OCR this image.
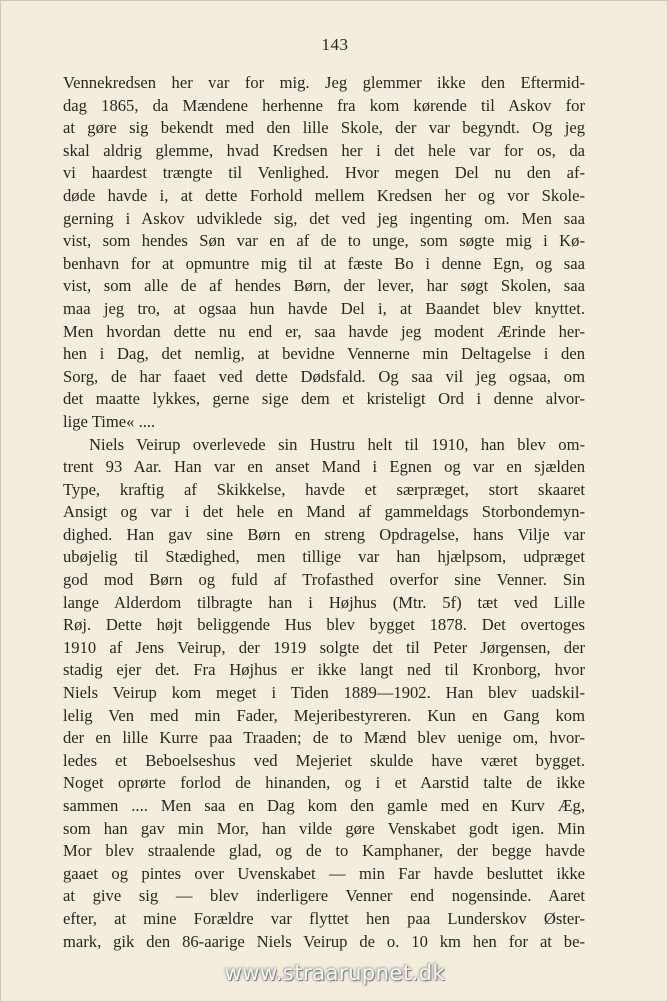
143
Vennekredsen her var for mig. Jeg glemmer ikke den Eftermid-
dag 1865, da Mændene herhenne fra kom kørende til Askov for
at gøre sig bekendt med den lille Skole, der var begyndt. Og jeg
skal aldrig glemme, hvad Kredsen her i det hele var for os, da
vi haardest trængte til Venlighed. Hvor megen Del nu den af-
døde havde i, at dette Forhold mellem Kredsen her og vor Skole-
gerning i Askov udviklede sig, det ved jeg ingenting om. Men saa
vist, som hendes Søn var en af de to unge, som søgte mig i Kø-
benhavn for at opmuntre mig til at fæste Bo i denne Egn, og saa
vist, som alle de af hendes Børn, der lever, har søgt Skolen, saa
maa jeg tro, at ogsaa hun havde Del i, at Baandet blev knyttet.
Men hvordan dette nu end er, saa havde jeg modent Ærinde her-
hen i Dag, det nemlig, at bevidne Vennerne min Deltagelse i den
Sorg, de har faaet ved dette Dødsfald. Og saa vil jeg ogsaa, om
det maatte lykkes, gerne sige dem et kristeligt Ord i denne alvor-
lige Time« ....
Niels Veirup overlevede sin Hustru helt til 1910, han blev om-
trent 93 Aar. Han var en anset Mand i Egnen og var en sjælden
Type, kraftig af Skikkelse, havde et særpræget, stort skaaret
Ansigt og var i det hele en Mand af gammeldags Storbondemyn-
dighed. Han gav sine Børn en streng Opdragelse, hans Vilje var
ubøjelig til Stædighed, men tillige var han hjælpsom, udpræget
god mod Børn og fuld af Trofasthed overfor sine Venner. Sin
lange Alderdom tilbragte han i Højhus (Mtr. 5f) tæt ved Lille
Røj. Dette højt beliggende Hus blev bygget 1878. Det overtoges
1910 af Jens Veirup, der 1919 solgte det til Peter Jørgensen, der
stadig ejer det. Fra Højhus er ikke langt ned til Kronborg, hvor
Niels Veirup kom meget i Tiden 1889—1902. Han blev uadskil-
lelig Ven med min Fader, Mejeribestyreren. Kun en Gang kom
der en lille Kurre paa Traaden; de to Mænd blev uenige om, hvor-
ledes et Beboelseshus ved Mejeriet skulde have været bygget.
Noget oprørte forlod de hinanden, og i et Aarstid talte de ikke
sammen .... Men saa en Dag kom den gamle med en Kurv Æg,
som han gav min Mor, han vilde gøre Venskabet godt igen. Min
Mor blev straalende glad, og de to Kamphaner, der begge havde
gaaet og pintes over Uvenskabet — min Far havde besluttet ikke
at give sig — blev inderligere Venner end nogensinde. Aaret
efter, at mine Forældre var flyttet hen paa Lunderskov Øster-
mark, gik den 86-aarige Niels Veirup de o. 10 km hen for at be-
www.straarupnet.dk
